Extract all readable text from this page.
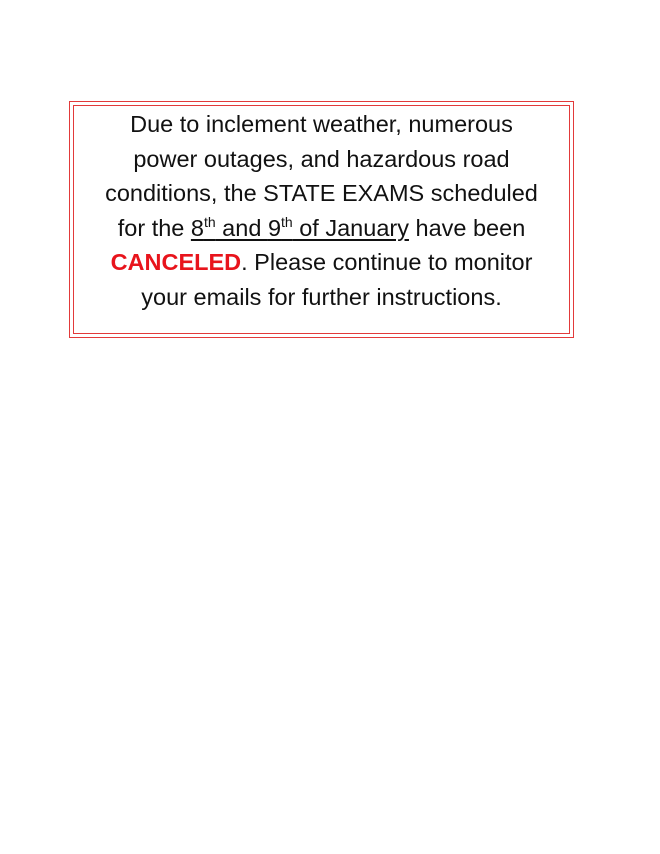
Due to inclement weather, numerous
power outages, and hazardous road
conditions, the STATE EXAMS scheduled
for the 8th and 9th of January have been
CANCELED. Please continue to monitor
your emails for further instructions.
